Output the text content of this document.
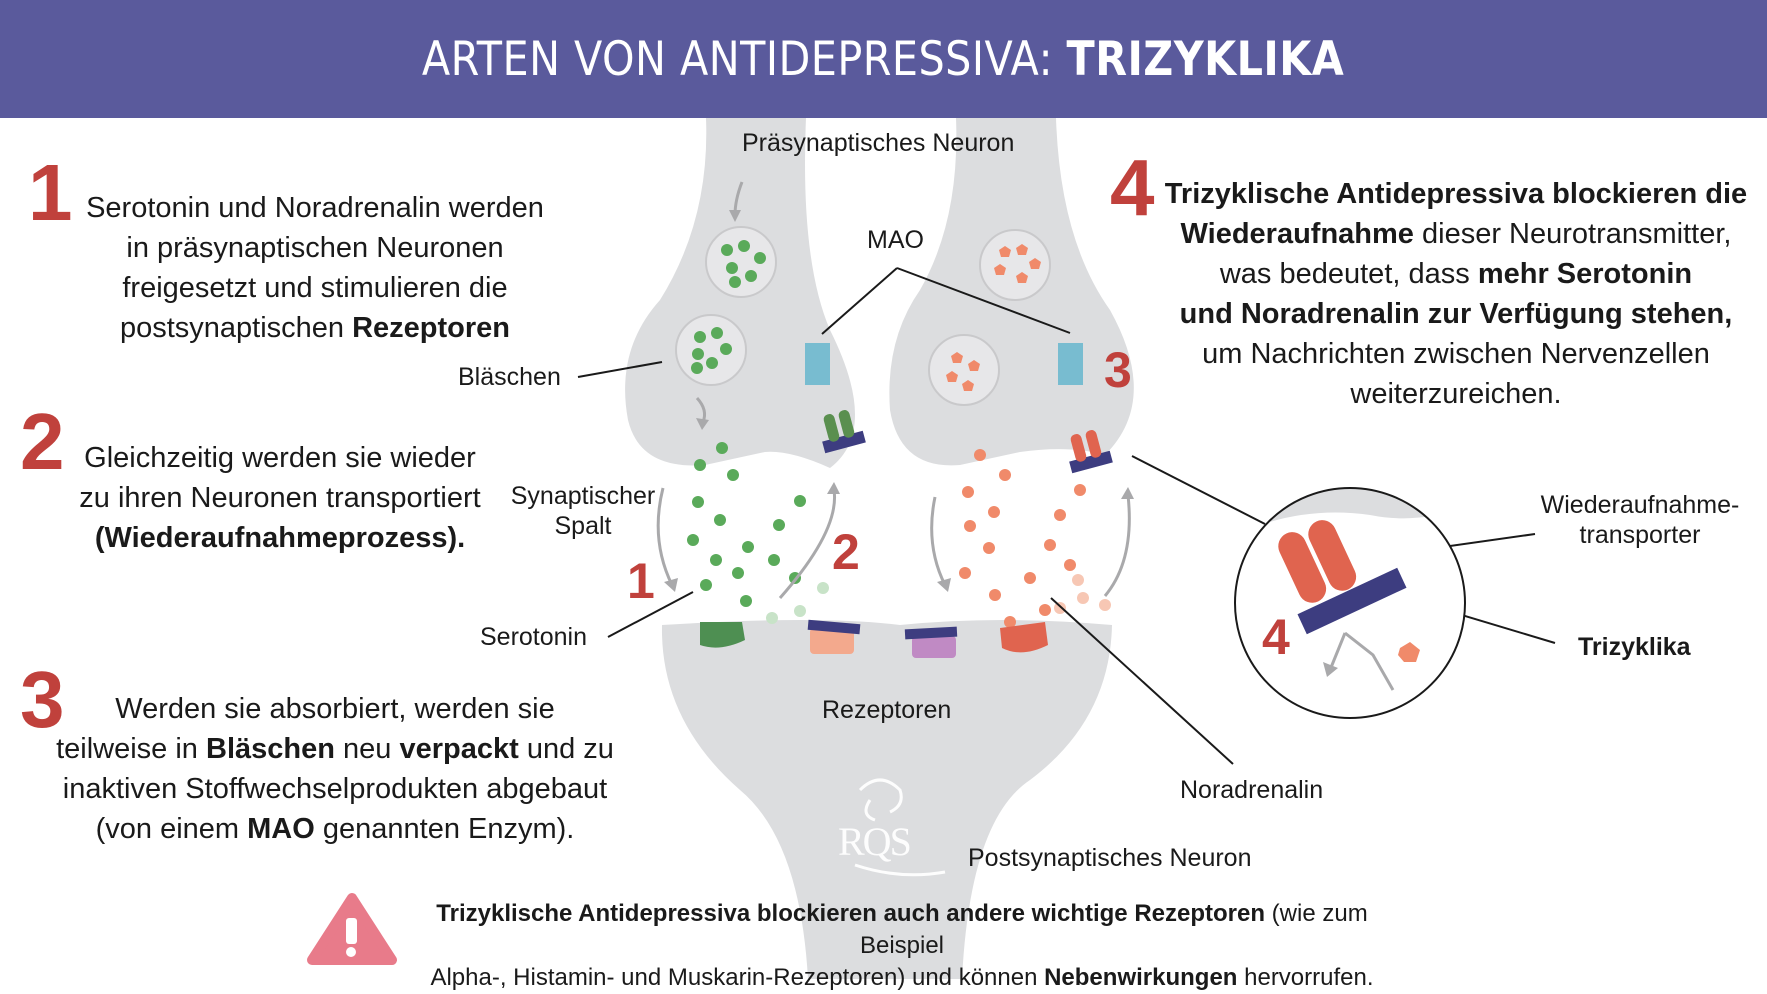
ARTEN VON ANTIDEPRESSIVA: TRIZYKLIKA
1
2
3
4
Serotonin und Noradrenalin werden
in präsynaptischen Neuronen
freigesetzt und stimulieren die
postsynaptischen Rezeptoren
Gleichzeitig werden sie wieder
zu ihren Neuronen transportiert
(Wiederaufnahmeprozess).
Werden sie absorbiert, werden sie
teilweise in Bläschen neu verpackt und zu
inaktiven Stoffwechselprodukten abgebaut
(von einem MAO genannten Enzym).
Trizyklische Antidepressiva blockieren die
Wiederaufnahme dieser Neurotransmitter,
was bedeutet, dass mehr Serotonin
und Noradrenalin zur Verfügung stehen,
um Nachrichten zwischen Nervenzellen
weiterzureichen.
Präsynaptisches Neuron
MAO
Bläschen
Synaptischer
Spalt
Serotonin
Rezeptoren
Noradrenalin
Postsynaptisches Neuron
Wiederaufnahme-
transporter
Trizyklika
1
2
3
4
RQS
Trizyklische Antidepressiva blockieren auch andere wichtige Rezeptoren (wie zum Beispiel
Alpha-, Histamin- und Muskarin-Rezeptoren) und können Nebenwirkungen hervorrufen.
